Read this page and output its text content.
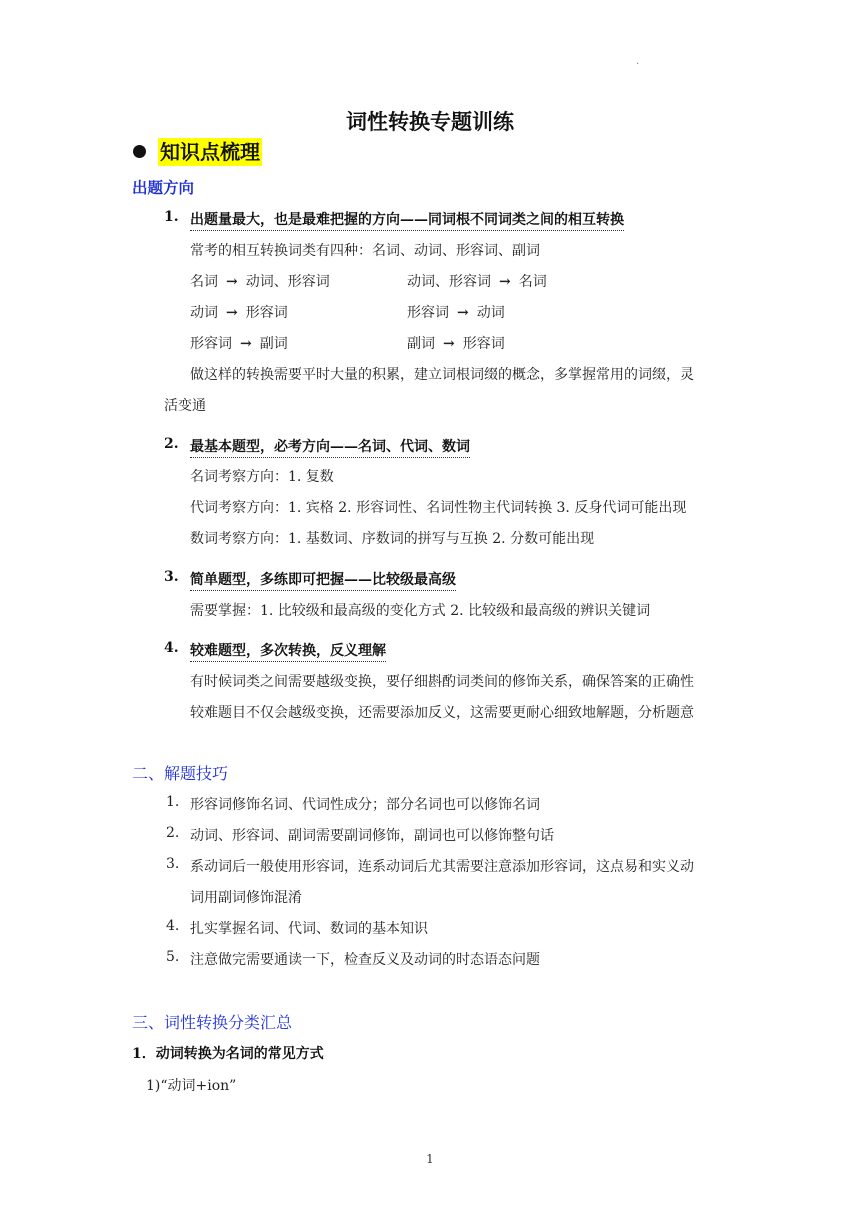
.
词性转换专题训练
知识点梳理
出题方向
1. 出题量最大，也是最难把握的方向——同词根不同词类之间的相互转换
常考的相互转换词类有四种：名词、动词、形容词、副词
名词 → 动词、形容词	动词、形容词 → 名词
动词 → 形容词	形容词 → 动词
形容词 → 副词	副词 → 形容词
做这样的转换需要平时大量的积累，建立词根词缀的概念，多掌握常用的词缀，灵
活变通
2. 最基本题型，必考方向——名词、代词、数词
名词考察方向：1. 复数
代词考察方向：1. 宾格 2. 形容词性、名词性物主代词转换 3. 反身代词可能出现
数词考察方向：1. 基数词、序数词的拼写与互换 2. 分数可能出现
3. 简单题型，多练即可把握——比较级最高级
需要掌握：1. 比较级和最高级的变化方式 2. 比较级和最高级的辨识关键词
4. 较难题型，多次转换，反义理解
有时候词类之间需要越级变换，要仔细斟酌词类间的修饰关系，确保答案的正确性
较难题目不仅会越级变换，还需要添加反义，这需要更耐心细致地解题，分析题意
二、解题技巧
1. 形容词修饰名词、代词性成分；部分名词也可以修饰名词
2. 动词、形容词、副词需要副词修饰，副词也可以修饰整句话
3. 系动词后一般使用形容词，连系动词后尤其需要注意添加形容词，这点易和实义动
词用副词修饰混淆
4. 扎实掌握名词、代词、数词的基本知识
5. 注意做完需要通读一下，检查反义及动词的时态语态问题
三、词性转换分类汇总
1．动词转换为名词的常见方式
1)“动词+ion”
1
